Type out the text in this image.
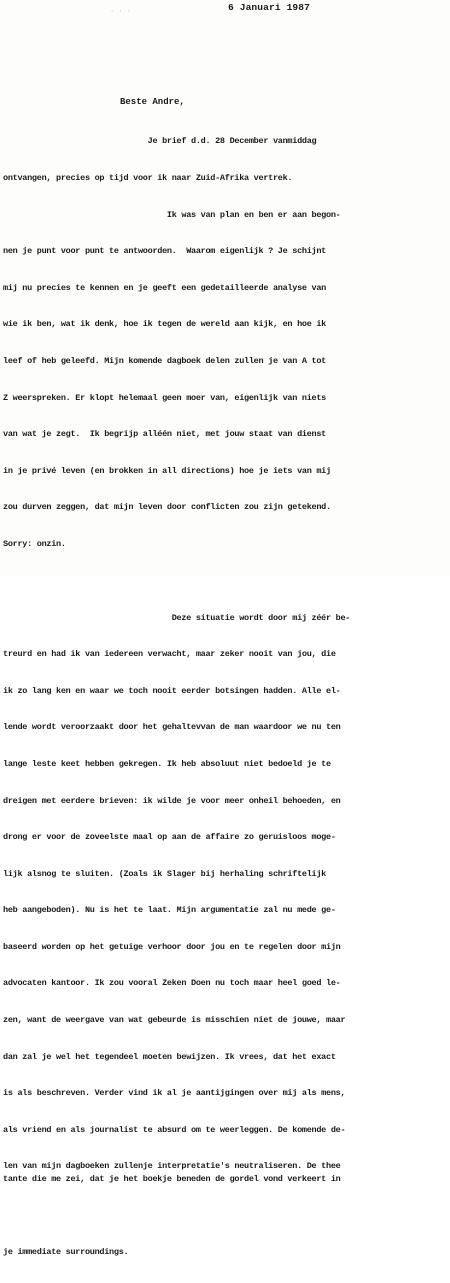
6 Januari 1987
· · ·
Beste Andre,

Je brief d.d. 28 December vanmiddag

ontvangen, precies op tijd voor ik naar Zuid-Afrika vertrek.

Ik was van plan en ben er aan begon-

nen je punt voor punt te antwoorden.  Waarom eigenlijk ? Je schijnt

mij nu precies te kennen en je geeft een gedetailleerde analyse van

wie ik ben, wat ik denk, hoe ik tegen de wereld aan kijk, en hoe ik

leef of heb geleefd. Mijn komende dagboek delen zullen je van A tot

Z weerspreken. Er klopt helemaal geen moer van, eigenlijk van niets

van wat je zegt.  Ik begrijp alléén niet, met jouw staat van dienst

in je privé leven (en brokken in all directions) hoe je iets van mij

zou durven zeggen, dat mijn leven door conflicten zou zijn getekend.

Sorry: onzin.

Deze situatie wordt door mij zéér be-

treurd en had ik van iedereen verwacht, maar zeker nooit van jou, die

ik zo lang ken en waar we toch nooit eerder botsingen hadden. Alle el-

lende wordt veroorzaakt door het gehaltevvan de man waardoor we nu ten

lange leste keet hebben gekregen. Ik heb absoluut niet bedoeld je te

dreigen met eerdere brieven: ik wilde je voor meer onheil behoeden, en

drong er voor de zoveelste maal op aan de affaire zo geruisloos moge-

lijk alsnog te sluiten. (Zoals ik Slager bij herhaling schriftelijk

heb aangeboden). Nu is het te laat. Mijn argumentatie zal nu mede ge-

baseerd worden op het getuige verhoor door jou en te regelen door mijn

advocaten kantoor. Ik zou vooral Zeken Doen nu toch maar heel goed le-

zen, want de weergave van wat gebeurde is misschien niet de jouwe, maar

dan zal je wel het tegendeel moeten bewijzen. Ik vrees, dat het exact

is als beschreven. Verder vind ik al je aantijgingen over mij als mens,

als vriend en als journalist te absurd om te weerleggen. De komende de-

len van mijn dagboeken zullenje interpretatie's neutraliseren. De thee
tante die me zei, dat je het boekje beneden de gordel vond verkeert in

je immediate surroundings.
